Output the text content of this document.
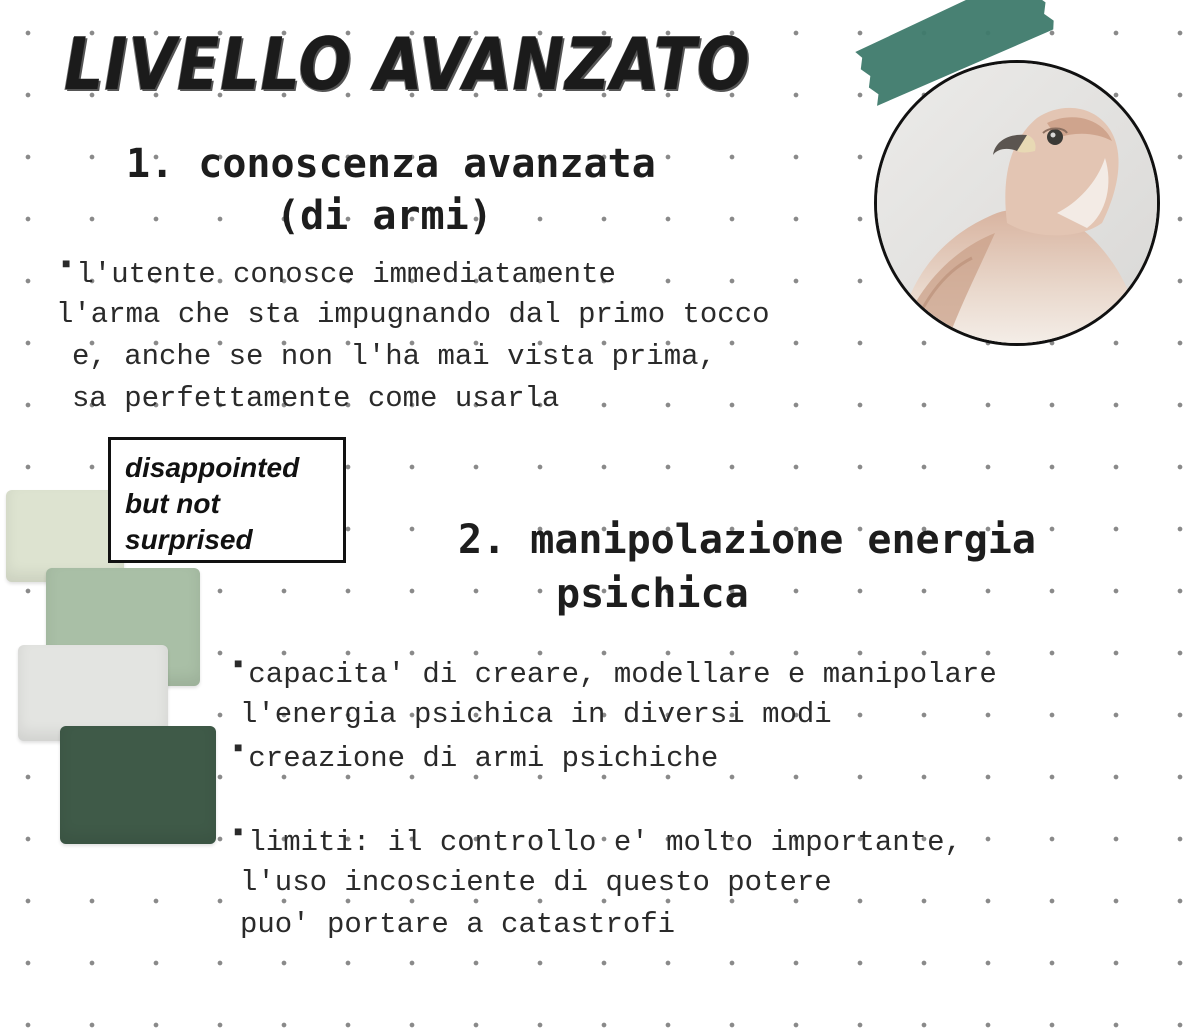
LIVELLO AVANZATO
1. conoscenza avanzata
(di armi)

■ l'utente conosce immediatamente

l'arma che sta impugnando dal primo tocco

e, anche se non l'ha mai vista prima,

sa perfettamente come usarla

disappointed
but not
surprised	2. manipolazione energia
psichica

■ capacita' di creare, modellare e manipolare

l'energia psichica in diversi modi

■ creazione di armi psichiche

■ limiti: il controllo e' molto importante,

l'uso incosciente di questo potere

puo' portare a catastrofi
